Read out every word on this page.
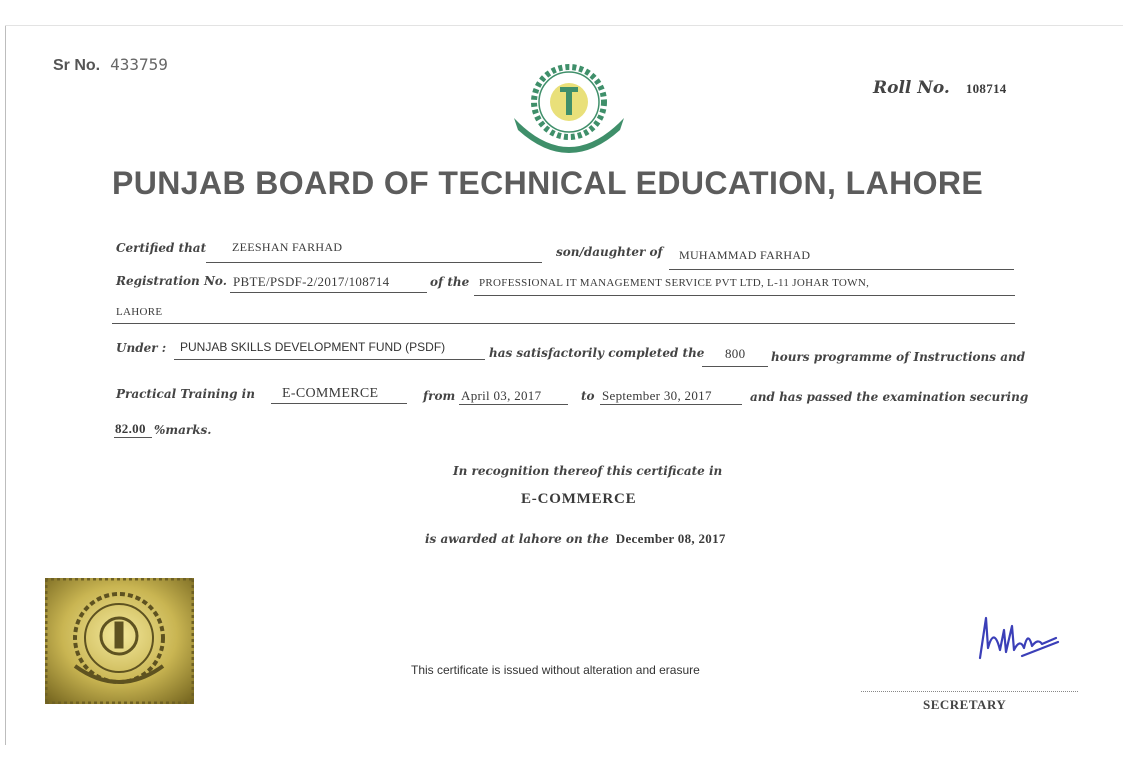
Sr No. 433759
Roll No. 108714
PUNJAB BOARD OF TECHNICAL EDUCATION, LAHORE
Certified that ZEESHAN FARHAD	son/daughter of MUHAMMAD FARHAD
Registration No. PBTE/PSDF-2/2017/108714	of the PROFESSIONAL IT MANAGEMENT SERVICE PVT LTD, L-11 JOHAR TOWN,
LAHORE
Under : PUNJAB SKILLS DEVELOPMENT FUND (PSDF)	has satisfactorily completed the 800 hours programme of Instructions and
Practical Training in E-COMMERCE	from April 03, 2017	to September 30, 2017	and has passed the examination securing
82.00 %marks.
In recognition thereof this certificate in
E-COMMERCE
is awarded at lahore on the December 08, 2017
This certificate is issued without alteration and erasure
SECRETARY
